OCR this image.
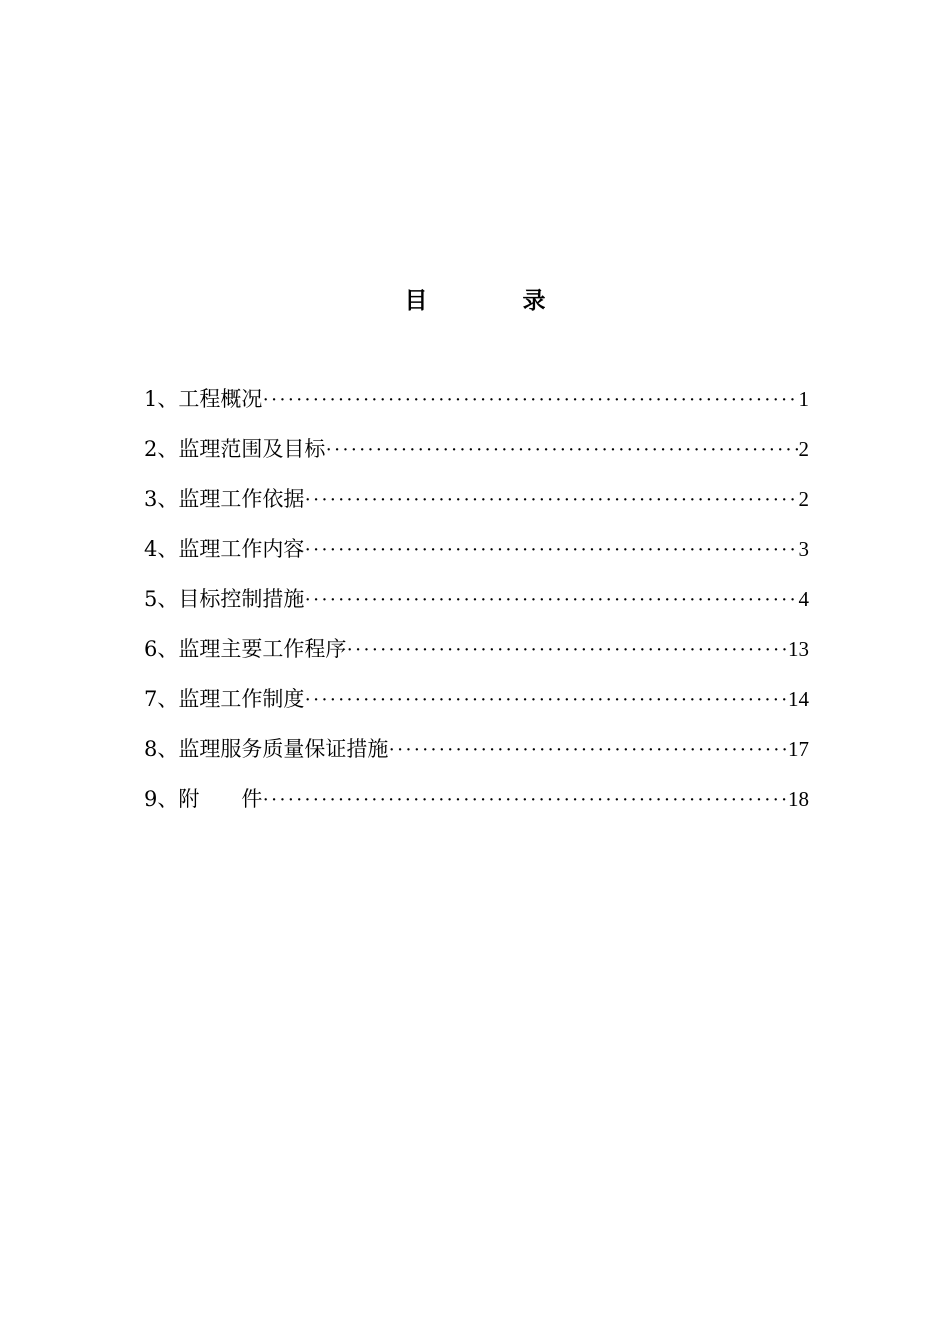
目　录
1、工程概况 ·····	1
2、监理范围及目标 ·····	2
3、监理工作依据 ·····	2
4、监理工作内容 ·····	3
5、目标控制措施 ·····	4
6、监理主要工作程序 ·····	13
7、监理工作制度 ·····	14
8、监理服务质量保证措施 ·····	17
9、附　　件 ·····	18
